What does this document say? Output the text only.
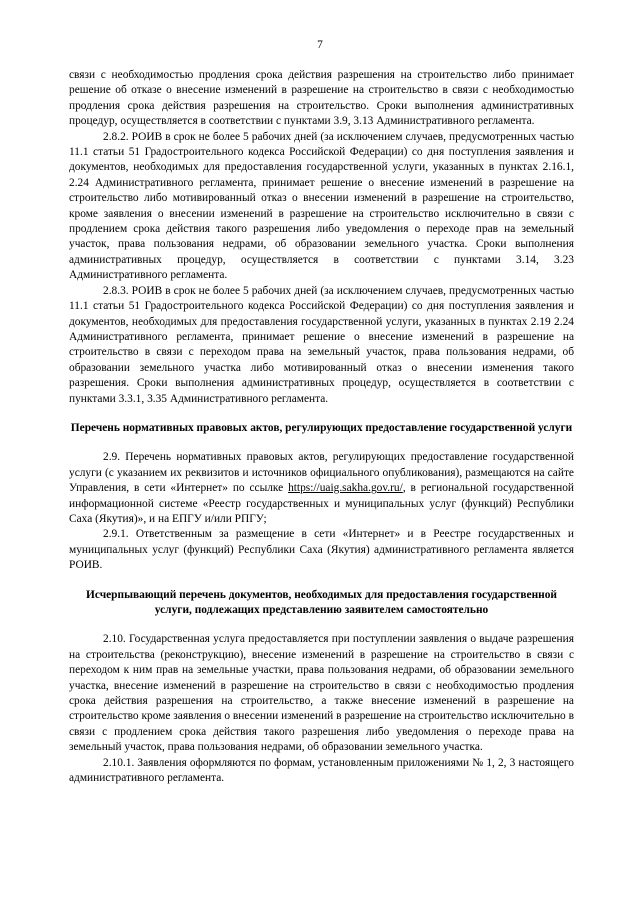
7

связи с необходимостью продления срока действия разрешения на строительство либо принимает решение об отказе о внесение изменений в разрешение на строительство в связи с необходимостью продления срока действия разрешения на строительство. Сроки выполнения административных процедур, осуществляется в соответствии с пунктами 3.9, 3.13 Административного регламента.

2.8.2. РОИВ в срок не более 5 рабочих дней (за исключением случаев, предусмотренных частью 11.1 статьи 51 Градостроительного кодекса Российской Федерации) со дня поступления заявления и документов, необходимых для предоставления государственной услуги, указанных в пунктах 2.16.1, 2.24 Административного регламента, принимает решение о внесение изменений в разрешение на строительство либо мотивированный отказ о внесении изменений в разрешение на строительство, кроме заявления о внесении изменений в разрешение на строительство исключительно в связи с продлением срока действия такого разрешения либо уведомления о переходе прав на земельный участок, права пользования недрами, об образовании земельного участка. Сроки выполнения административных процедур, осуществляется в соответствии с пунктами 3.14, 3.23 Административного регламента.

2.8.3. РОИВ в срок не более 5 рабочих дней (за исключением случаев, предусмотренных частью 11.1 статьи 51 Градостроительного кодекса Российской Федерации) со дня поступления заявления и документов, необходимых для предоставления государственной услуги, указанных в пунктах 2.19 2.24 Административного регламента, принимает решение о внесение изменений в разрешение на строительство в связи с переходом права на земельный участок, права пользования недрами, об образовании земельного участка либо мотивированный отказ о внесении изменения такого разрешения. Сроки выполнения административных процедур, осуществляется в соответствии с пунктами 3.3.1, 3.35 Административного регламента.

Перечень нормативных правовых актов, регулирующих предоставление государственной услуги

2.9. Перечень нормативных правовых актов, регулирующих предоставление государственной услуги (с указанием их реквизитов и источников официального опубликования), размещаются на сайте Управления, в сети «Интернет» по ссылке https://uaig.sakha.gov.ru/, в региональной государственной информационной системе «Реестр государственных и муниципальных услуг (функций) Республики Саха (Якутия)», и на ЕПГУ и/или РПГУ;

2.9.1. Ответственным за размещение в сети «Интернет» и в Реестре государственных и муниципальных услуг (функций) Республики Саха (Якутия) административного регламента является РОИВ.

Исчерпывающий перечень документов, необходимых для предоставления государственной услуги, подлежащих представлению заявителем самостоятельно

2.10. Государственная услуга предоставляется при поступлении заявления о выдаче разрешения на строительства (реконструкцию), внесение изменений в разрешение на строительство в связи с переходом к ним прав на земельные участки, права пользования недрами, об образовании земельного участка, внесение изменений в разрешение на строительство в связи с необходимостью продления срока действия разрешения на строительство, а также внесение изменений в разрешение на строительство кроме заявления о внесении изменений в разрешение на строительство исключительно в связи с продлением срока действия такого разрешения либо уведомления о переходе права на земельный участок, права пользования недрами, об образовании земельного участка.

2.10.1. Заявления оформляются по формам, установленным приложениями № 1, 2, 3 настоящего административного регламента.
